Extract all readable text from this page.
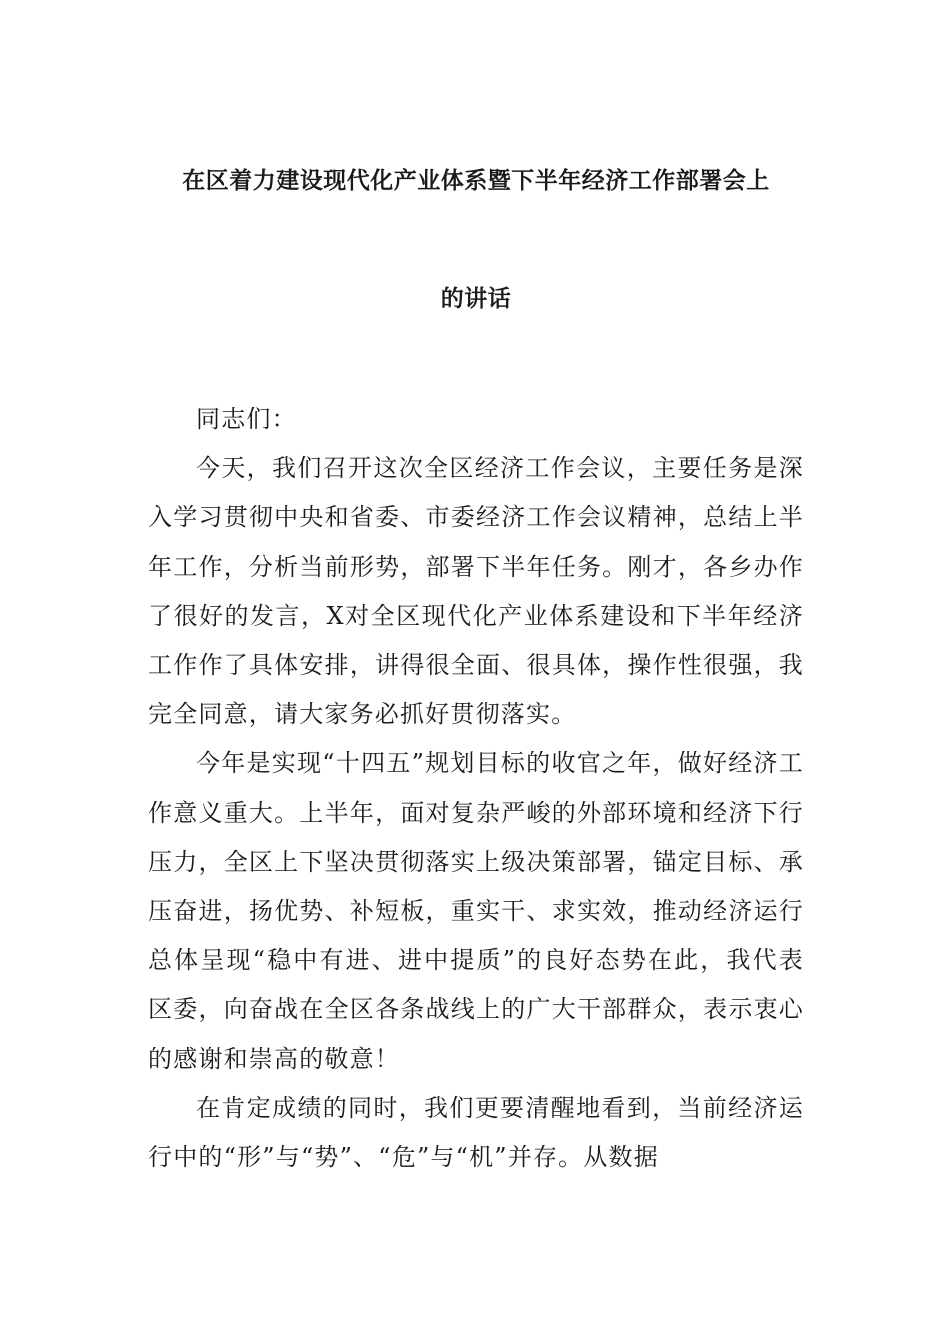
在区着力建设现代化产业体系暨下半年经济工作部署会上
的讲话

同志们：

今天，我们召开这次全区经济工作会议，主要任务是深入学习贯彻中央和省委、市委经济工作会议精神，总结上半年工作，分析当前形势，部署下半年任务。刚才，各乡办作了很好的发言，X对全区现代化产业体系建设和下半年经济工作作了具体安排，讲得很全面、很具体，操作性很强，我完全同意，请大家务必抓好贯彻落实。

今年是实现“十四五”规划目标的收官之年，做好经济工作意义重大。上半年，面对复杂严峻的外部环境和经济下行压力，全区上下坚决贯彻落实上级决策部署，锚定目标、承压奋进，扬优势、补短板，重实干、求实效，推动经济运行总体呈现“稳中有进、进中提质”的良好态势在此，我代表区委，向奋战在全区各条战线上的广大干部群众，表示衷心的感谢和崇高的敬意！

在肯定成绩的同时，我们更要清醒地看到，当前经济运行中的“形”与“势”、“危”与“机”并存。从数据
